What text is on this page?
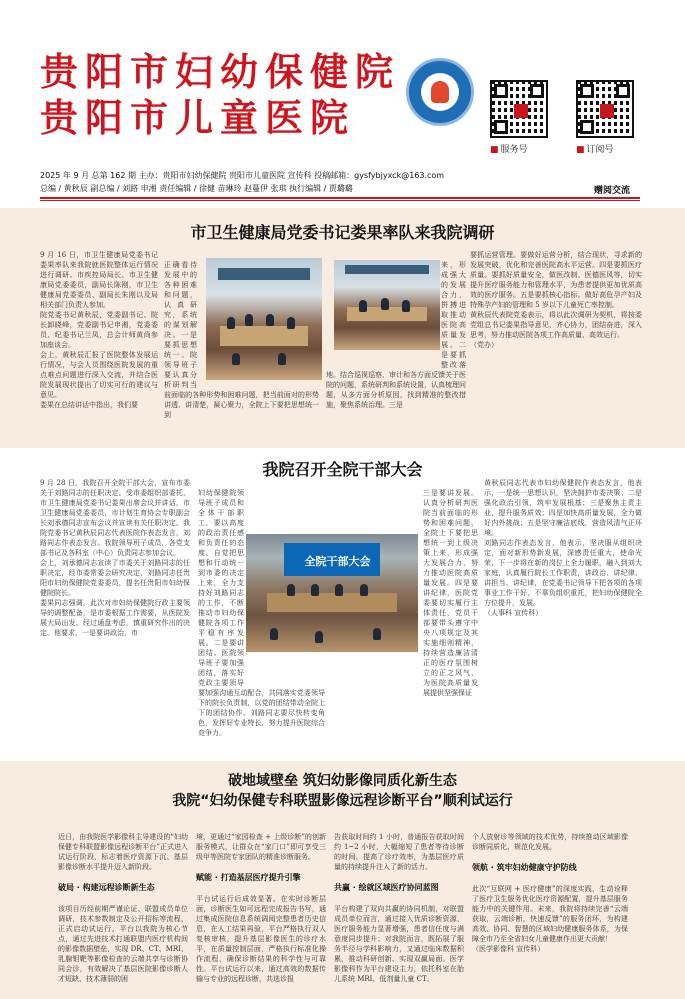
贵阳市妇幼保健院
贵阳市儿童医院
■ 服务号
■	订阅号
2025 年 9 月 总第 162 期 主办：贵阳市妇幼保健院 贵阳市儿童医院 宣传科 投稿邮箱：gysfybjyxck@163.com
总编 / 黄秋辰 副总编 / 刘路 申湘 责任编辑 / 徐健 苗琳玲 赵蔓伊 张琪 执行编辑 / 贾璐璐	赠阅交流
市卫生健康局党委书记娄果率队来我院调研
9 月 16 日，市卫生健康局党委书记娄果率队来我院就医院整体运行情况进行调研。市疾控局局长、市卫生健康局党委委员，副局长陈刚，市卫生健康局党委委员、副局长朱刚以及局相关部门负责人参加。
院党委书记黄秋辰，党委副书记、院长卸晓峰，党委副书记申湘，党委委员、纪委书记兰凤，总会计师黄尚参加座谈会。
会上，黄秋辰汇报了医院整体发展运行情况，与会人员围绕医院发展的重点难点问题进行深入交流，并结合医院发展现状提出了切实可行的建议与意见。
娄果在总结讲话中指出，我们要

正确看待发展中的各种困难和问题，认真研究，系统的谋划解决。一是要抓思想统一。院领导班子要认真分析研判当前面临的各种形势和困难问题，把当前面对的形势讲透、讲清楚，凝心聚力，全院上下要把思想统一到

来，形成强大的发展合力，拼搏进取推动医院高质量发展。二是要抓整改落地。结合巡视巡察、审计和各方面反馈关于医院的问题，系统研判和系统设置，认真梳理问题，从多方面分析原因，找到精准的整改措施，聚焦系统治理。三是

要抓运营管理。要做好运营分析，结合现状，寻求新的发展突破，优化和完善医院高水平运营。四是要抓医疗质量。要抓好质量安全，做医改制、医德医风等，切实提升医疗服务能力和管理水平，为患者提供更加优质高效的医疗服务。五是要抓核心指标。做好高危孕产妇及特殊孕产妇的管理和 5 岁以下儿童死亡率控制。
黄秋辰代表院党委表示，将以此次调研为契机，将按委党组总书记娄果指导意见，齐心协力，团结奋进，深入思考，努力推动医院各项工作高质量、高效运行。
（党办）
我院召开全院干部大会
9 月 28 日，我院召开全院干部大会，宣布市委关于刘路同志的任职决定。受市委组织部委托，市卫生健康局党委书记娄果出席会议并讲话，市卫生健康局党委委员，市计划生育协会专职副会长刘承德同志宣布会议并宣读有关任职决定。我院党委书记黄秋辰同志代表医院作表态发言，刘路同志作表态发言。我院领导班子成员，各党支部书记及各科室（中心）负责同志参加会议。
会上，刘承德同志宣读了市委关于刘路同志的任职决定，经市委常委会研究决定，刘路同志任贵阳市妇幼保健院党委委员，提名任贵阳市妇幼保健院院长。
娄果同志强调，此次对市妇幼保健院行政主要领导的调整配备，是市委根据工作需要，从医院发展大局出发，经过通盘考虑，慎重研究作出的决定。他要求，一是要讲政治，市

妇幼保健院领导班子成员和全体干部职工，要以高度的政治责任感和负责任的态度，自觉把思想和行动统一到市委的决定上来，全力支持好刘路同志的工作，不断推动市妇幼保健院各项工作平稳有序发展。二是要讲团结。医院领导班子要加强团结，落实好党政主要领导要加强沟通互动配合，共同落实党委领导下的院长负责制，以党的团结带动全院上下的团结协作。刘路同志要尽快转变角色，发挥好专业特长，努力提升医院综合竞争力。

全院干部大会

三是要讲发展。认真分析研判医院当前面临的形势和困难问题，全院上下要把思想统一到上级决策上来，形成强大发展合力，努力推动医院高质量发展。四是要讲纪律，医院党委要切实履行主体责任，党员干部要带头遵守中央八项规定及其实施细则精神，持续营造廉洁清正的医疗氛围树立的正之风气，为医院高质量发展提供坚强保证

黄秋辰同志代表市妇幼保健院作表态发言，他表示，一是统一思想认识，坚决拥护市委决策；二是强化政治引领，筑牢发展根基；三是聚焦主责主业，提升服务质效；四是加快高质量发展，全力做好内外挑战；五是坚守廉洁底线，营造风清气正环境。
刘路同志作表态发言，他表示，坚决服从组织决定，面对新形势新发展，深感责任重大，使命光荣，下一步将在新的岗位上全力履职，融入到刘大家庭，认真履行院长工作职责，讲政治、讲纪律、讲担当、讲纪律，在党委书记领导下把各项的各项事业工作干好，不辜负组织重托，把妇幼保健院全方位提升，发展。
（人事科 宣传科）
破地域壁垒 筑妇幼影像同质化新生态
我院“妇幼保健专科联盟影像远程诊断平台”顺利试运行

近日，由我院医学影像科主导建设的“妇幼保健专科联盟影像远程诊断平台”正式进入试运行阶段，标志着医疗资源下沉、基层影像诊断水平提升迈入新阶段。

破局 · 构建远程诊断新生态

该项目历经前期严谨论证、联盟成员单位调研，技术参数制定及公开招标等流程，正式启动试运行。平台以我院为核心节点，通过先进技术打通联盟内医疗机构间的影像数据壁垒，实现 DR、CT、MRI、乳腺钼靶等影像检查的云端共享与诊断协同会诊，有效解决了基层医院影像诊断人才短缺、技术薄弱的困

境，更通过“家园检查 + 上级诊断”的创新服务模式，让群众在“家门口”即可享受三级甲等医院专家团队的精准诊断服务。

赋能 · 打造基层医疗提升引擎

平台试运行后成效显著。在实时诊断层面，诊断医生如可远程完成报告书写，通过集成医院信息系统调阅完整患者历史信息，在人工结果再验，平台严格执行双人复核审核，提升基层影像医生的诊疗水平，在质量控制层面，严格执行标准化操作流程，确保诊断结果的科学性与可靠性。平台试运行以来，通过高效的数据传输与专业的远程诊断，共选诊报

告获取时间约 1 小时，普通报告获取时间约 1~2 小时，大幅缩短了患者等待诊断的时间，提高了诊疗效率，为基层医疗质量的持续提升注入了新的活力。

共赢 · 绘就区域医疗协同蓝图

平台构建了双向共赢的协同机制，对联盟成员单位而言，通过接入优质诊断资源，医疗服务能力显著增强，患者信任度与满意度同步提升；对我院而言，既拓展了服务半径与学科影响力，又通过临床数据积累，推动科研创新、实现双赢局面。医学影像科作为平台建设主力，依托科室在胎儿系统 MRI、低剂量儿童 CT、

个人放射诊等领域的技术优势，持续推动区域影像诊断同质化、规范化发展。

领航 · 筑牢妇幼健康守护防线

此次“互联网 + 医疗健康”的深度实践，生动诠释了医疗卫生服务优化医疗资源配置，提升基层服务能力中的关键作用。未来，我院将持续完善“云端获取，云端诊断，快速反馈”的服务闭环，为构建高效、协同、智慧的区域妇幼健康服务体系，为保障全市乃至全省妇女儿童健康作出更大贡献！
（医学影像科 宣传科）
